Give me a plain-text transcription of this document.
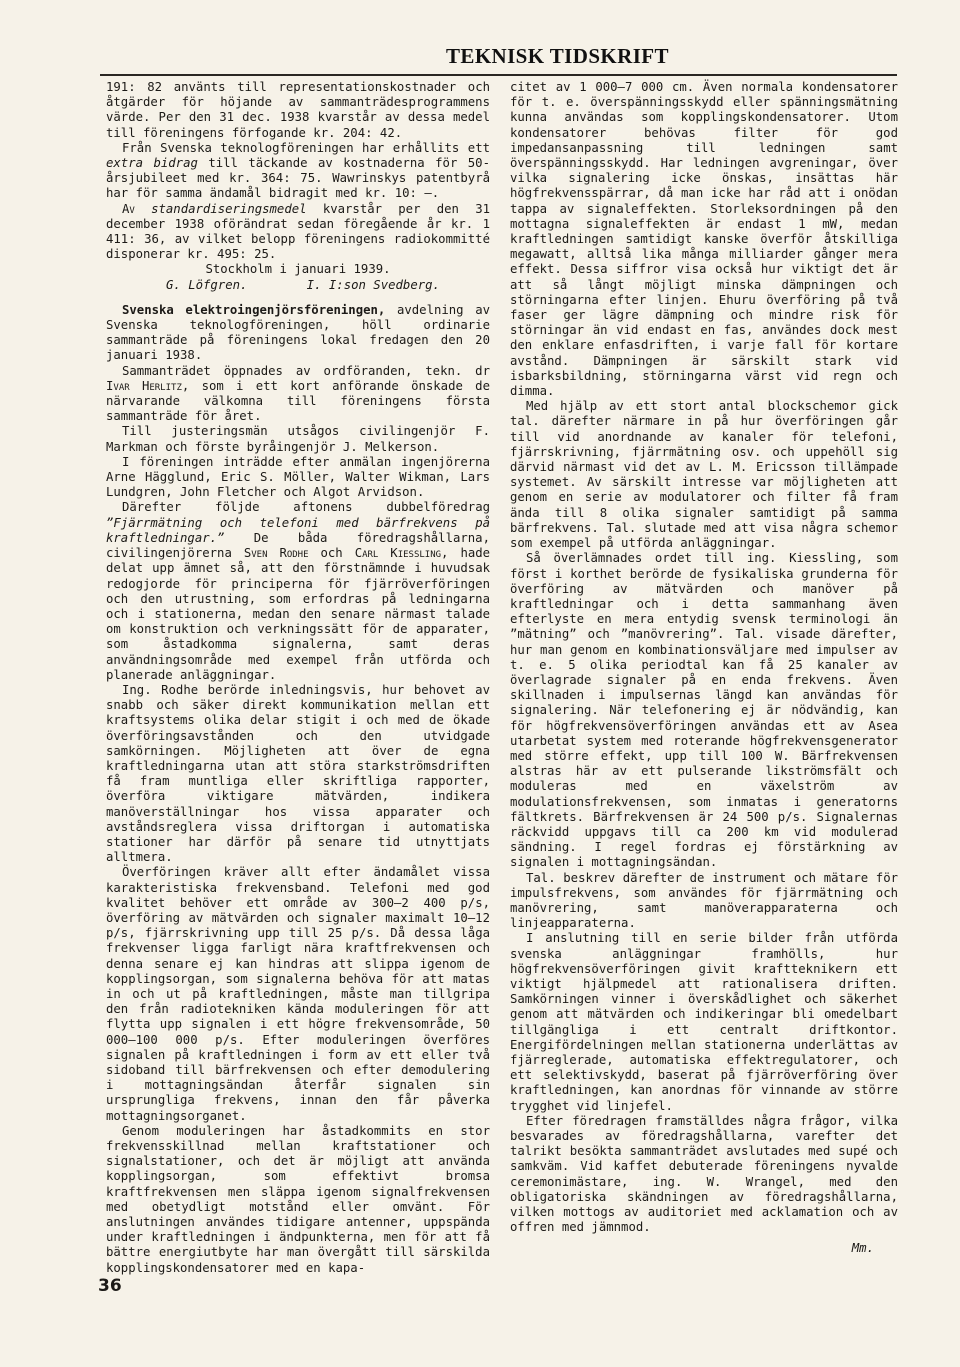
TEKNISK TIDSKRIFT

191: 82 använts till representationskostnader och åtgärder för höjande av sammanträdesprogrammens värde. Per den 31 dec. 1938 kvarstår av dessa medel till föreningens förfogande kr. 204: 42.

Från Svenska teknologföreningen har erhållits ett extra bidrag till täckande av kostnaderna för 50-årsjubileet med kr. 364: 75. Wawrinskys patentbyrå har för samma ändamål bidragit med kr. 10: —.

Av standardiseringsmedel kvarstår per den 31 december 1938 oförändrat sedan föregående år kr. 1 411: 36, av vilket belopp föreningens radiokommitté disponerar kr. 495: 25.

Stockholm i januari 1939.

G. Löfgren.	I. I:son Svedberg.

Svenska elektroingenjörsföreningen, avdelning av Svenska teknologföreningen, höll ordinarie sammanträde på föreningens lokal fredagen den 20 januari 1938.

Sammanträdet öppnades av ordföranden, tekn. dr Ivar Herlitz, som i ett kort anförande önskade de närvarande välkomna till föreningens första sammanträde för året.

Till justeringsmän utsågos civilingenjör F. Markman och förste byråingenjör J. Melkerson.

I föreningen inträdde efter anmälan ingenjörerna Arne Hägglund, Eric S. Möller, Walter Wikman, Lars Lundgren, John Fletcher och Algot Arvidson.

Därefter följde aftonens dubbelföredrag ”Fjärrmätning och telefoni med bärfrekvens på kraftledningar.” De båda föredragshållarna, civilingenjörerna Sven Rodhe och Carl Kiessling, hade delat upp ämnet så, att den förstnämnde i huvudsak redogjorde för principerna för fjärröverföringen och den utrustning, som erfordras på ledningarna och i stationerna, medan den senare närmast talade om konstruktion och verkningssätt för de apparater, som åstadkomma signalerna, samt deras användningsområde med exempel från utförda och planerade anläggningar.

Ing. Rodhe berörde inledningsvis, hur behovet av snabb och säker direkt kommunikation mellan ett kraftsystems olika delar stigit i och med de ökade överföringsavstånden och den utvidgade samkörningen. Möjligheten att över de egna kraftledningarna utan att störa starkströmsdriften få fram muntliga eller skriftliga rapporter, överföra viktigare mätvärden, indikera manöverställningar hos vissa apparater och avståndsreglera vissa driftorgan i automatiska stationer har därför på senare tid utnyttjats alltmera.

Överföringen kräver allt efter ändamålet vissa karakteristiska frekvensband. Telefoni med god kvalitet behöver ett område av 300—2 400 p/s, överföring av mätvärden och signaler maximalt 10—12 p/s, fjärrskrivning upp till 25 p/s. Då dessa låga frekvenser ligga farligt nära kraftfrekvensen och denna senare ej kan hindras att slippa igenom de kopplingsorgan, som signalerna behöva för att matas in och ut på kraftledningen, måste man tillgripa den från radiotekniken kända moduleringen för att flytta upp signalen i ett högre frekvensområde, 50 000—100 000 p/s. Efter moduleringen överföres signalen på kraftledningen i form av ett eller två sidoband till bärfrekvensen och efter demodulering i mottagningsändan återfår signalen sin ursprungliga frekvens, innan den får påverka mottagningsorganet.

Genom moduleringen har åstadkommits en stor frekvensskillnad mellan kraftstationer och signalstationer, och det är möjligt att använda kopplingsorgan, som effektivt bromsa kraftfrekvensen men släppa igenom signalfrekvensen med obetydligt motstånd eller omvänt. För anslutningen användes tidigare antenner, uppspända under kraftledningen i ändpunkterna, men för att få bättre energiutbyte har man övergått till särskilda kopplingskondensatorer med en kapa-

citet av 1 000—7 000 cm. Även normala kondensatorer för t. e. överspänningsskydd eller spänningsmätning kunna användas som kopplingskondensatorer. Utom kondensatorer behövas filter för god impedansanpassning till ledningen samt överspänningsskydd. Har ledningen avgreningar, över vilka signalering icke önskas, insättas här högfrekvensspärrar, då man icke har råd att i onödan tappa av signaleffekten. Storleksordningen på den mottagna signaleffekten är endast 1 mW, medan kraftledningen samtidigt kanske överför åtskilliga megawatt, alltså lika många milliarder gånger mera effekt. Dessa siffror visa också hur viktigt det är att så långt möjligt minska dämpningen och störningarna efter linjen. Ehuru överföring på två faser ger lägre dämpning och mindre risk för störningar än vid endast en fas, användes dock mest den enklare enfasdriften, i varje fall för kortare avstånd. Dämpningen är särskilt stark vid isbarksbildning, störningarna värst vid regn och dimma.

Med hjälp av ett stort antal blockschemor gick tal. därefter närmare in på hur överföringen går till vid anordnande av kanaler för telefoni, fjärrskrivning, fjärrmätning osv. och uppehöll sig därvid närmast vid det av L. M. Ericsson tillämpade systemet. Av särskilt intresse var möjligheten att genom en serie av modulatorer och filter få fram ända till 8 olika signaler samtidigt på samma bärfrekvens. Tal. slutade med att visa några schemor som exempel på utförda anläggningar.

Så överlämnades ordet till ing. Kiessling, som först i korthet berörde de fysikaliska grunderna för överföring av mätvärden och manöver på kraftledningar och i detta sammanhang även efterlyste en mera entydig svensk terminologi än ”mätning” och ”manövrering”. Tal. visade därefter, hur man genom en kombinationsväljare med impulser av t. e. 5 olika periodtal kan få 25 kanaler av överlagrade signaler på en enda frekvens. Även skillnaden i impulsernas längd kan användas för signalering. När telefonering ej är nödvändig, kan för högfrekvensöverföringen användas ett av Asea utarbetat system med roterande högfrekvensgenerator med större effekt, upp till 100 W. Bärfrekvensen alstras här av ett pulserande likströmsfält och moduleras med en växelström av modulationsfrekvensen, som inmatas i generatorns fältkrets. Bärfrekvensen är 24 500 p/s. Signalernas räckvidd uppgavs till ca 200 km vid modulerad sändning. I regel fordras ej förstärkning av signalen i mottagningsändan.

Tal. beskrev därefter de instrument och mätare för impulsfrekvens, som användes för fjärrmätning och manövrering, samt manöverapparaterna och linjeapparaterna.

I anslutning till en serie bilder från utförda svenska anläggningar framhölls, hur högfrekvensöverföringen givit kraftteknikern ett viktigt hjälpmedel att rationalisera driften. Samkörningen vinner i överskådlighet och säkerhet genom att mätvärden och indikeringar bli omedelbart tillgängliga i ett centralt driftkontor. Energifördelningen mellan stationerna underlättas av fjärreglerade, automatiska effektregulatorer, och ett selektivskydd, baserat på fjärröverföring över kraftledningen, kan anordnas för vinnande av större trygghet vid linjefel.

Efter föredragen framställdes några frågor, vilka besvarades av föredragshållarna, varefter det talrikt besökta sammanträdet avslutades med supé och samkväm. Vid kaffet debuterade föreningens nyvalde ceremonimästare, ing. W. Wrangel, med den obligatoriska skändningen av föredragshållarna, vilken mottogs av auditoriet med acklamation och av offren med jämnmod.

Mm.

36
